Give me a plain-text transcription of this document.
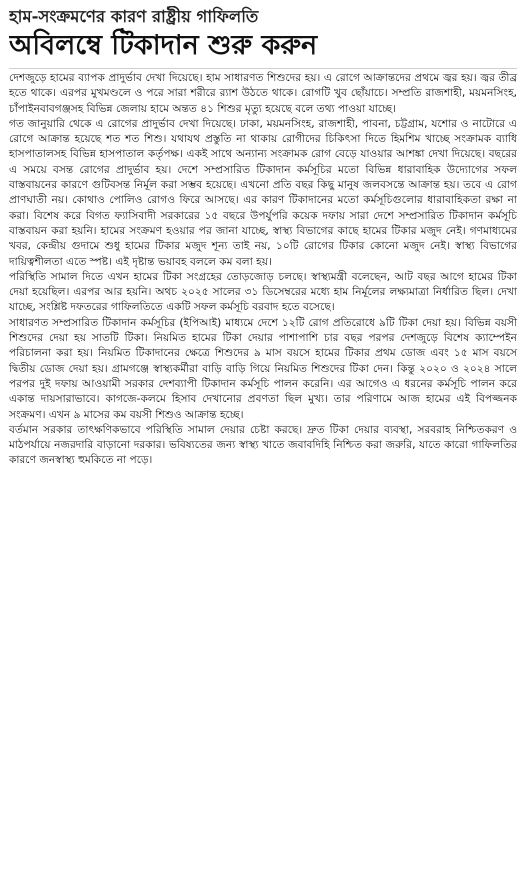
হাম-সংক্রমণের কারণ রাষ্ট্রীয় গাফিলতি
অবিলম্বে টিকাদান শুরু করুন

দেশজুড়ে হামের ব্যাপক প্রাদুর্ভাব দেখা দিয়েছে। হাম সাধারণত শিশুদের হয়। এ রোগে আক্রান্তদের প্রথমে জ্বর হয়। জ্বর তীব্র হতে থাকে। এরপর মুখমণ্ডলে ও পরে সারা শরীরে র‍্যাশ উঠতে থাকে। রোগটি খুব ছোঁয়াচে। সম্প্রতি রাজশাহী, ময়মনসিংহ, চাঁপাইনবাবগঞ্জসহ বিভিন্ন জেলায় হামে অন্তত ৪১ শিশুর মৃত্যু হয়েছে বলে তথ্য পাওয়া যাচ্ছে।

গত জানুয়ারি থেকে এ রোগের প্রাদুর্ভাব দেখা দিয়েছে। ঢাকা, ময়মনসিংহ, রাজশাহী, পাবনা, চট্টগ্রাম, যশোর ও নাটোরে এ রোগে আক্রান্ত হয়েছে শত শত শিশু। যথাযথ প্রস্তুতি না থাকায় রোগীদের চিকিৎসা দিতে হিমশিম খাচ্ছে সংক্রামক ব্যাধি হাসপাতালসহ বিভিন্ন হাসপাতাল কর্তৃপক্ষ। একই সাথে অন্যান্য সংক্রামক রোগ বেড়ে যাওয়ার আশঙ্কা দেখা দিয়েছে। বছরের এ সময়ে বসন্ত রোগের প্রাদুর্ভাব হয়। দেশে সম্প্রসারিত টিকাদান কর্মসূচির মতো বিভিন্ন ধারাবাহিক উদ্যোগের সফল বাস্তবায়নের কারণে গুটিবসন্ত নির্মূল করা সম্ভব হয়েছে। এখনো প্রতি বছর কিছু মানুষ জলবসন্তে আক্রান্ত হয়। তবে এ রোগ প্রাণঘাতী নয়। কোথাও পোলিও রোগও ফিরে আসছে। এর কারণ টিকাদানের মতো কর্মসূচিগুলোর ধারাবাহিকতা রক্ষা না করা। বিশেষ করে বিগত ফ্যাসিবাদী সরকারের ১৫ বছরে উপর্যুপরি কয়েক দফায় সারা দেশে সম্প্রসারিত টিকাদান কর্মসূচি বাস্তবায়ন করা হয়নি। হামের সংক্রমণ হওয়ার পর জানা যাচ্ছে, স্বাস্থ্য বিভাগের কাছে হামের টিকার মজুদ নেই। গণমাধ্যমের খবর, কেন্দ্রীয় গুদামে শুধু হামের টিকার মজুদ শূন্য তাই নয়, ১০টি রোগের টিকার কোনো মজুদ নেই। স্বাস্থ্য বিভাগের দায়িত্বশীলতা এতে স্পষ্ট। এই দৃষ্টান্ত ভয়াবহ বললে কম বলা হয়।

পরিস্থিতি সামাল দিতে এখন হামের টিকা সংগ্রহের তোড়জোড় চলছে। স্বাস্থ্যমন্ত্রী বলেছেন, আট বছর আগে হামের টিকা দেয়া হয়েছিল। এরপর আর হয়নি। অথচ ২০২৫ সালের ৩১ ডিসেম্বরের মধ্যে হাম নির্মূলের লক্ষ্যমাত্রা নির্ধারিত ছিল। দেখা যাচ্ছে, সংশ্লিষ্ট দফতরের গাফিলতিতে একটি সফল কর্মসূচি বরবাদ হতে বসেছে।

সাধারণত সম্প্রসারিত টিকাদান কর্মসূচির (ইপিআই) মাধ্যমে দেশে ১২টি রোগ প্রতিরোধে ৯টি টিকা দেয়া হয়। বিভিন্ন বয়সী শিশুদের দেয়া হয় সাতটি টিকা। নিয়মিত হামের টিকা দেয়ার পাশাপাশি চার বছর পরপর দেশজুড়ে বিশেষ ক্যাম্পেইন পরিচালনা করা হয়। নিয়মিত টিকাদানের ক্ষেত্রে শিশুদের ৯ মাস বয়সে হামের টিকার প্রথম ডোজ এবং ১৫ মাস বয়সে দ্বিতীয় ডোজ দেয়া হয়। গ্রামগঞ্জে স্বাস্থ্যকর্মীরা বাড়ি বাড়ি গিয়ে নিয়মিত শিশুদের টিকা দেন। কিন্তু ২০২০ ও ২০২৪ সালে পরপর দুই দফায় আওয়ামী সরকার দেশব্যাপী টিকাদান কর্মসূচি পালন করেনি। এর আগেও এ ধরনের কর্মসূচি পালন করে একান্ত দায়সারাভাবে। কাগজে-কলমে হিসাব দেখানোর প্রবণতা ছিল মুখ্য। তার পরিণামে আজ হামের এই বিপজ্জনক সংক্রমণ। এখন ৯ মাসের কম বয়সী শিশুও আক্রান্ত হচ্ছে।

বর্তমান সরকার তাৎক্ষণিকভাবে পরিস্থিতি সামাল দেয়ার চেষ্টা করছে। দ্রুত টিকা দেয়ার ব্যবস্থা, সরবরাহ নিশ্চিতকরণ ও মাঠপর্যায়ে নজরদারি বাড়ানো দরকার। ভবিষ্যতের জন্য স্বাস্থ্য খাতে জবাবদিহি নিশ্চিত করা জরুরি, যাতে কারো গাফিলতির কারণে জনস্বাস্থ্য হুমকিতে না পড়ে।
